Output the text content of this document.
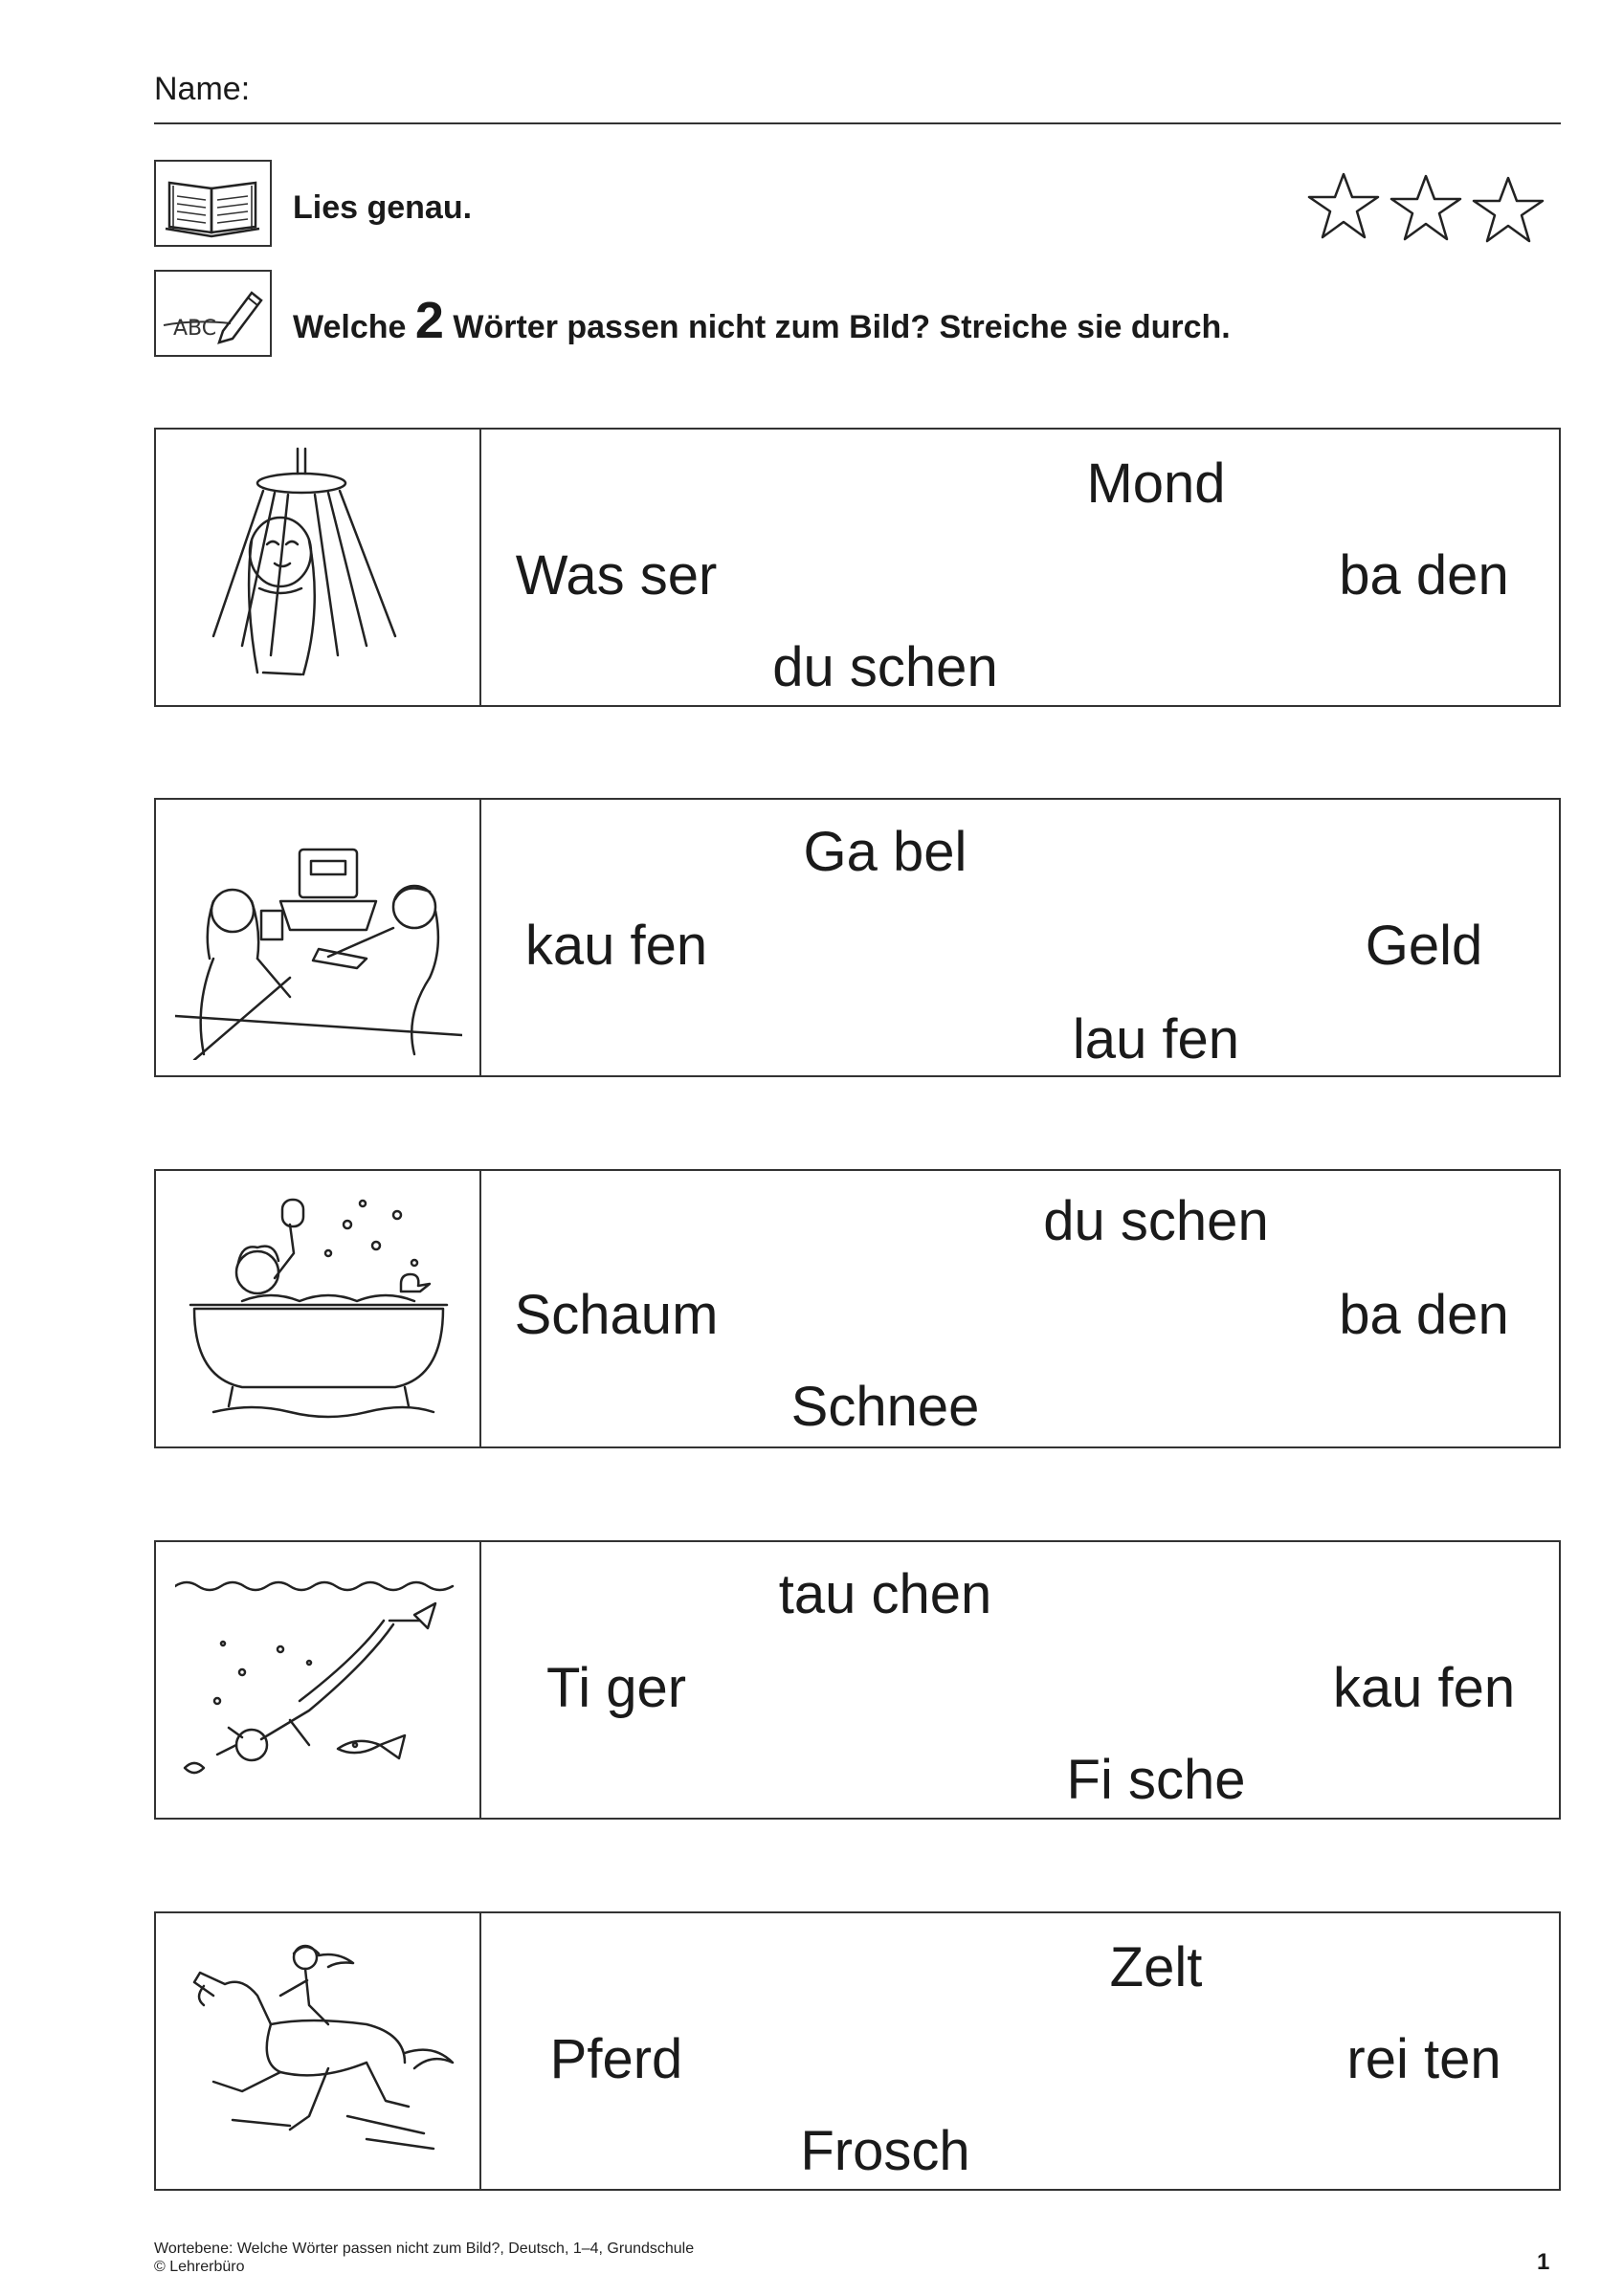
Name:
Lies genau.
ABC Welche 2 Wörter passen nicht zum Bild? Streiche sie durch.
Mond
Was ser	ba den
du schen
Ga bel
kau fen	Geld
lau fen
du schen
Schaum	ba den
Schnee
tau chen
Ti ger	kau fen
Fi sche
Zelt
Pferd	rei ten
Frosch
Wortebene: Welche Wörter passen nicht zum Bild?, Deutsch, 1–4, Grundschule
© Lehrerbüro	1
